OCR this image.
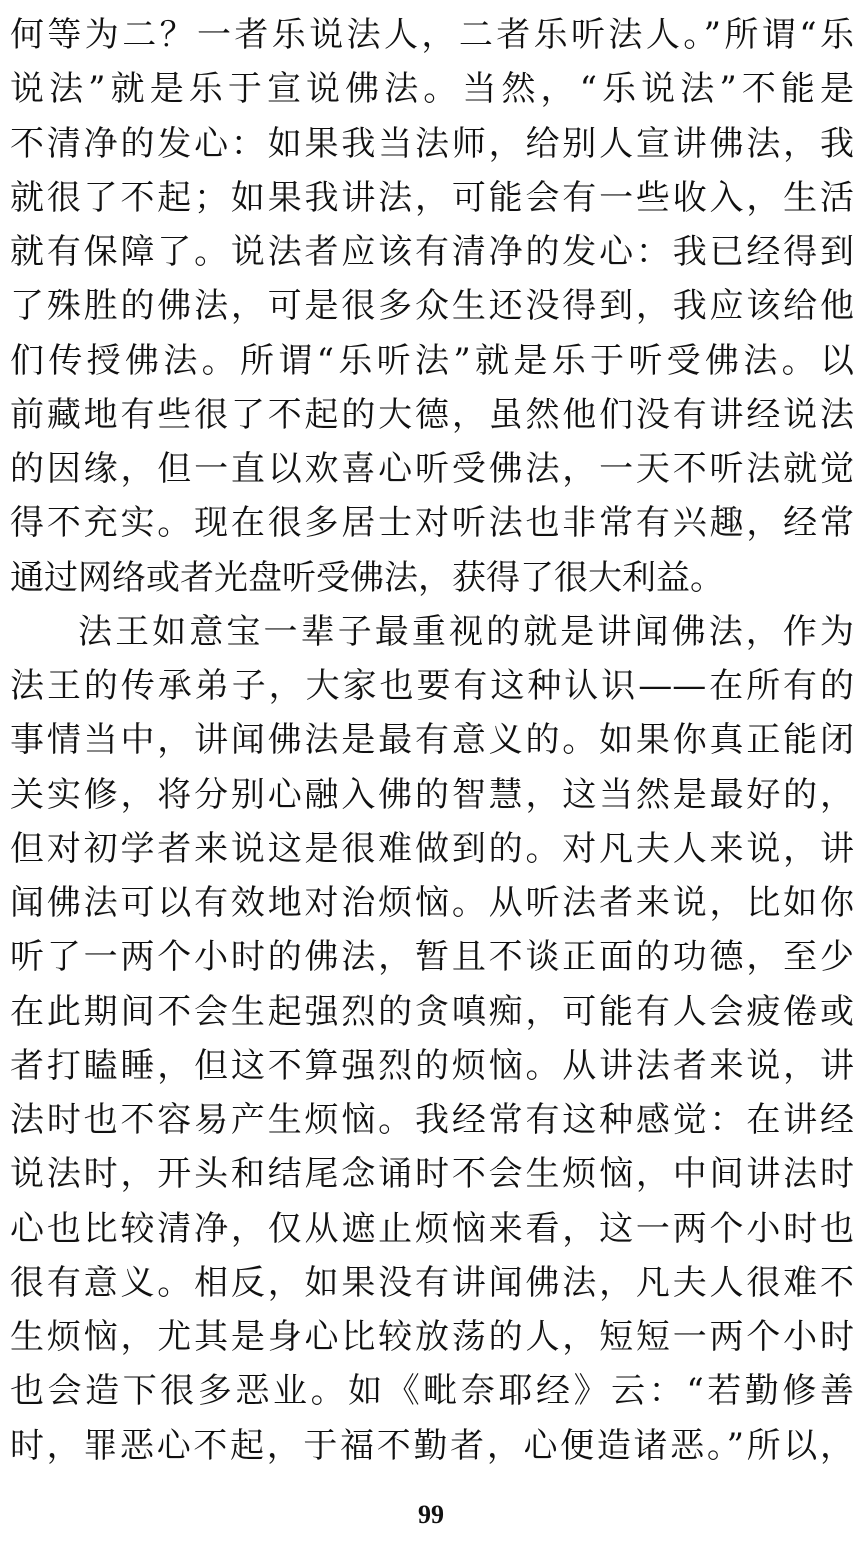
何等为二？一者乐说法人，二者乐听法人。”所谓“乐
说法”就是乐于宣说佛法。当然，“乐说法”不能是
不清净的发心：如果我当法师，给别人宣讲佛法，我
就很了不起；如果我讲法，可能会有一些收入，生活
就有保障了。说法者应该有清净的发心：我已经得到
了殊胜的佛法，可是很多众生还没得到，我应该给他
们传授佛法。所谓“乐听法”就是乐于听受佛法。以
前藏地有些很了不起的大德，虽然他们没有讲经说法
的因缘，但一直以欢喜心听受佛法，一天不听法就觉
得不充实。现在很多居士对听法也非常有兴趣，经常
通过网络或者光盘听受佛法，获得了很大利益。
法王如意宝一辈子最重视的就是讲闻佛法，作为
法王的传承弟子，大家也要有这种认识——在所有的
事情当中，讲闻佛法是最有意义的。如果你真正能闭
关实修，将分别心融入佛的智慧，这当然是最好的，
但对初学者来说这是很难做到的。对凡夫人来说，讲
闻佛法可以有效地对治烦恼。从听法者来说，比如你
听了一两个小时的佛法，暂且不谈正面的功德，至少
在此期间不会生起强烈的贪嗔痴，可能有人会疲倦或
者打瞌睡，但这不算强烈的烦恼。从讲法者来说，讲
法时也不容易产生烦恼。我经常有这种感觉：在讲经
说法时，开头和结尾念诵时不会生烦恼，中间讲法时
心也比较清净，仅从遮止烦恼来看，这一两个小时也
很有意义。相反，如果没有讲闻佛法，凡夫人很难不
生烦恼，尤其是身心比较放荡的人，短短一两个小时
也会造下很多恶业。如《毗奈耶经》云：“若勤修善
时，罪恶心不起，于福不勤者，心便造诸恶。”所以，
99
